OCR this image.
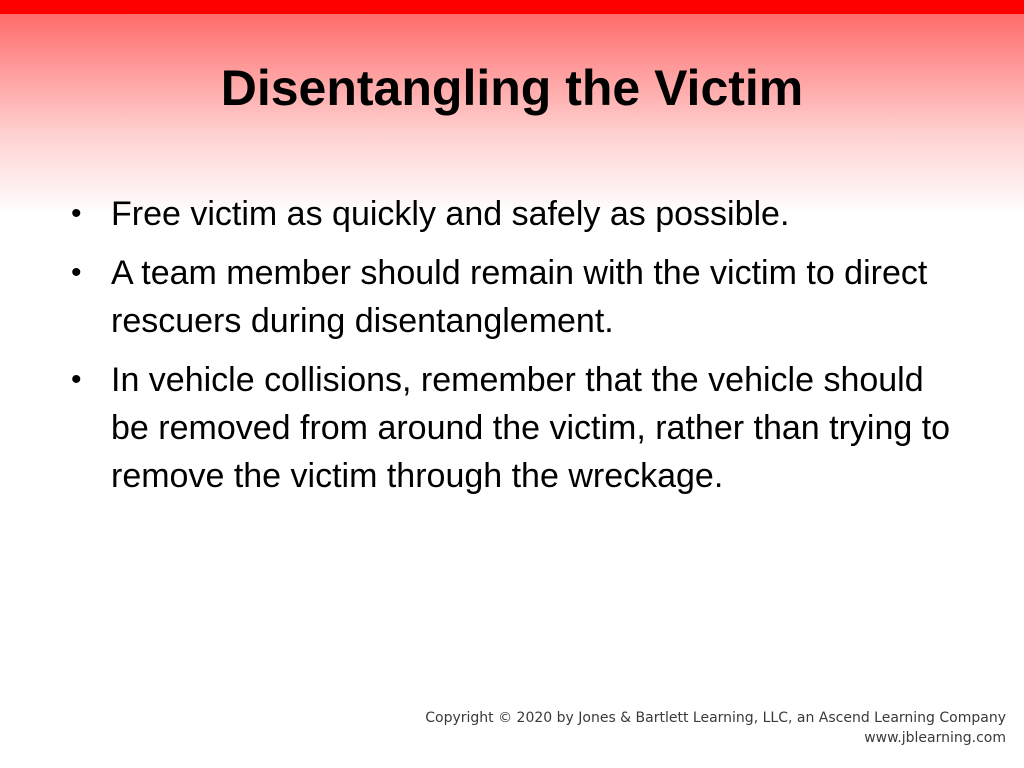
Disentangling the Victim
• Free victim as quickly and safely as possible.
• A team member should remain with the victim to direct rescuers during disentanglement.
• In vehicle collisions, remember that the vehicle should be removed from around the victim, rather than trying to remove the victim through the wreckage.
Copyright © 2020 by Jones & Bartlett Learning, LLC, an Ascend Learning Company
www.jblearning.com
